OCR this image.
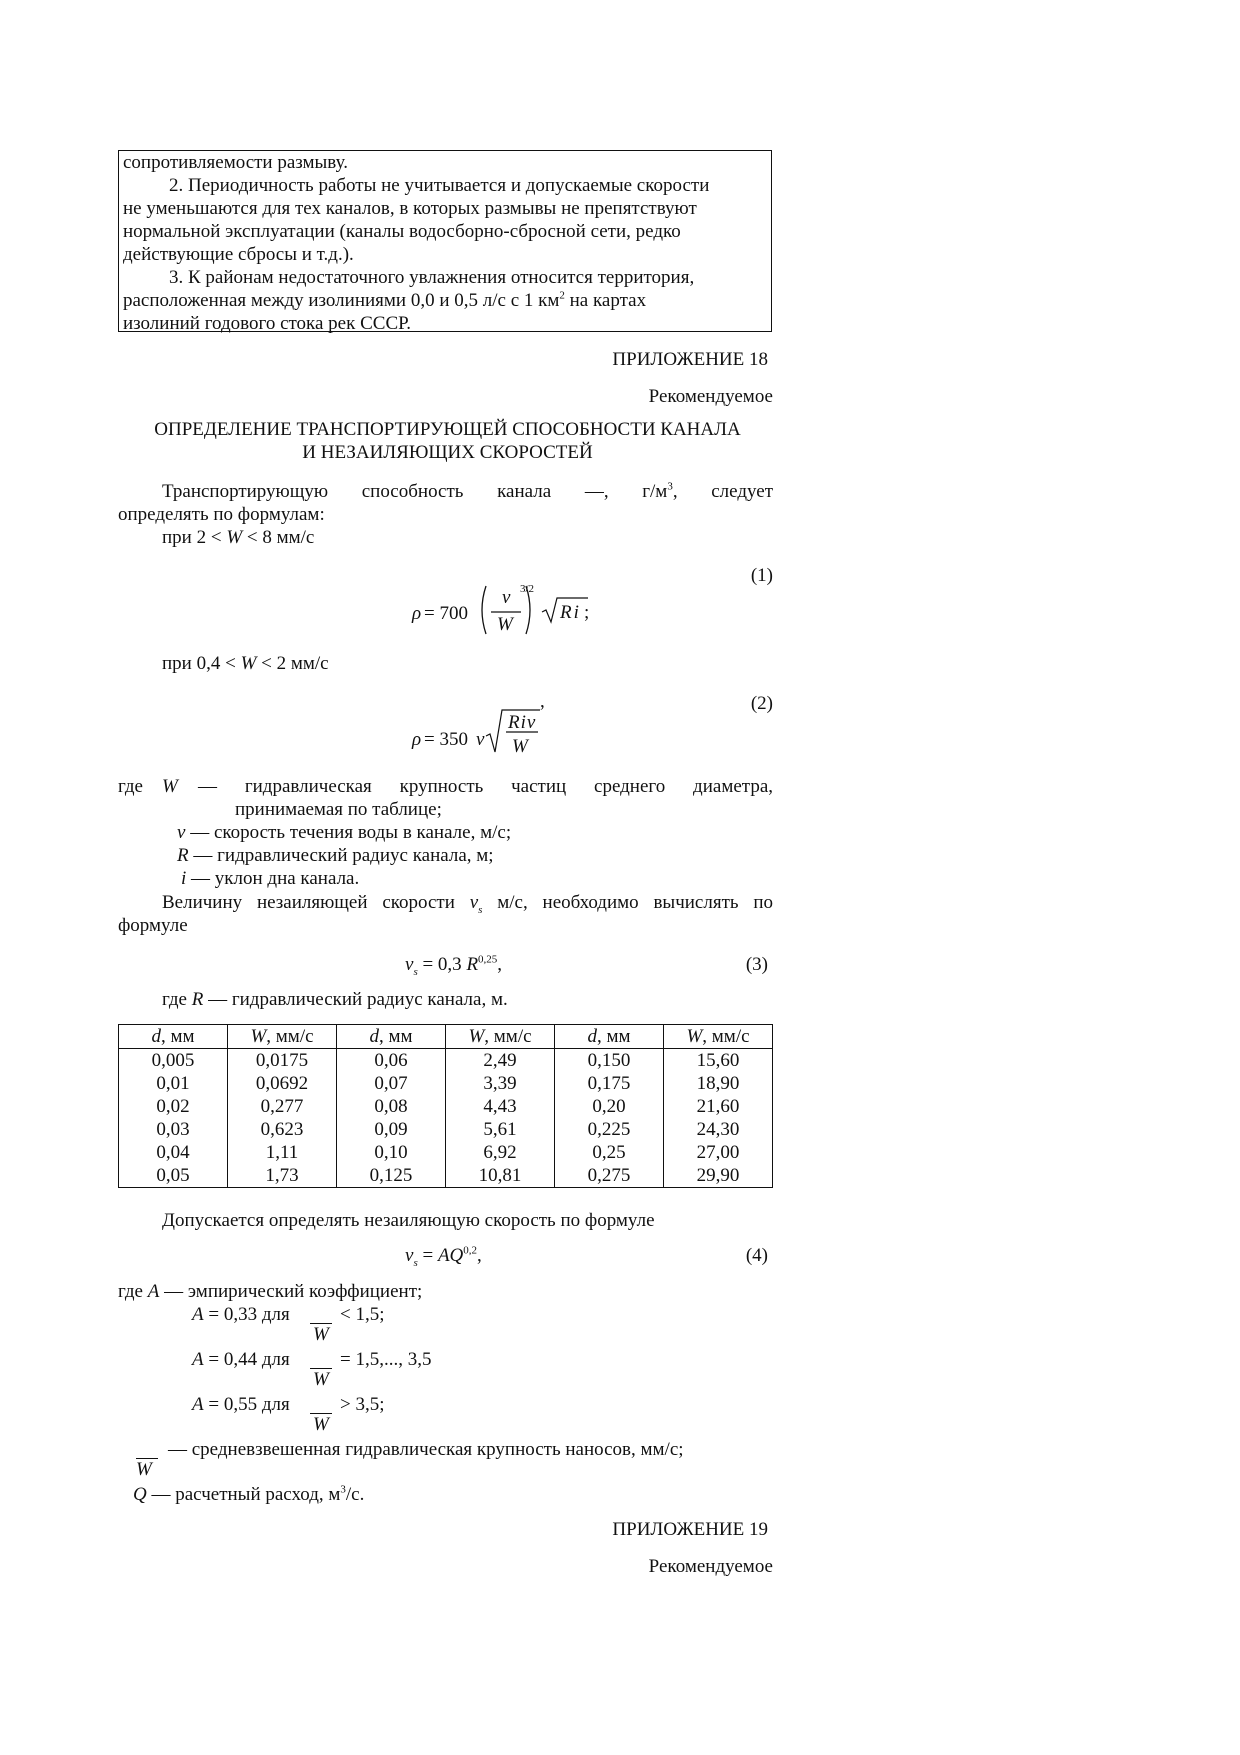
сопротивляемости размыву.

2. Периодичность работы не учитывается и допускаемые скорости

не уменьшаются для тех каналов, в которых размывы не препятствуют

нормальной эксплуатации (каналы водосборно-сбросной сети, редко

действующие сбросы и т.д.).

3. К районам недостаточного увлажнения относится территория,

расположенная между изолиниями 0,0 и 0,5 л/с с 1 $км^2$ на картах

изолиний годового стока рек СССР.

ПРИЛОЖЕНИЕ 18
Рекомендуемое
ОПРЕДЕЛЕНИЕ ТРАНСПОРТИРУЮЩЕЙ СПОСОБНОСТИ КАНАЛА
И НЕЗАИЛЯЮЩИХ СКОРОСТЕЙ
Транспортирующую способность канала —, $г/м^3$, следует
определять по формулам:
при 2 < W < 8 мм/с
(1)
ρ = 700
v
W
3/2
Ri ;
при 0,4 < W < 2 мм/с
(2)
,
ρ = 350 v
Riv
W
где W — гидравлическая крупность частиц среднего диаметра,
принимаемая по таблице;
v — скорость течения воды в канале, м/с;
R — гидравлический радиус канала, м;
i — уклон дна канала.
Величину незаиляющей скорости $v_s$ м/с, необходимо вычислять по
формуле
$v_s = 0,3$ R$^{0,25}$,	(3)
где R — гидравлический радиус канала, м.
d, мм	W, мм/с	d, мм	W, мм/с	d, мм	W, мм/с
0,005	0,0175	0,06	2,49	0,150	15,60
0,01	0,0692	0,07	3,39	0,175	18,90
0,02	0,277	0,08	4,43	0,20	21,60
0,03	0,623	0,09	5,61	0,225	24,30
0,04	1,11	0,10	6,92	0,25	27,00
0,05	1,73	0,125	10,81	0,275	29,90
Допускается определять незаиляющую скорость по формуле
$v_s = AQ^{0,2}$,	(4)
где A — эмпирический коэффициент;
A = 0,33 для
W
< 1,5;
A = 0,44 для
W
= 1,5,..., 3,5
A = 0,55 для
W
> 3,5;
W
— средневзвешенная гидравлическая крупность наносов, мм/с;
Q — расчетный расход, $м^3/с$.
ПРИЛОЖЕНИЕ 19
Рекомендуемое
